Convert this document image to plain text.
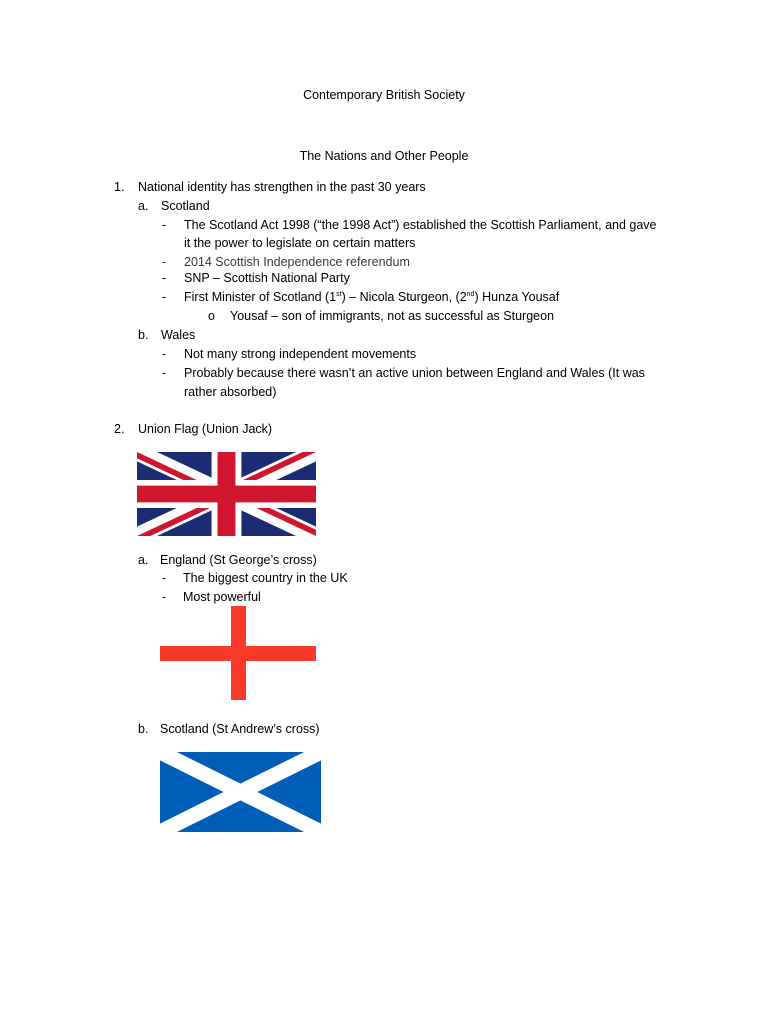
Contemporary British Society
The Nations and Other People
1. National identity has strengthen in the past 30 years
a. Scotland
- The Scotland Act 1998 (“the 1998 Act”) established the Scottish Parliament, and gave
it the power to legislate on certain matters
- 2014 Scottish Independence referendum
- SNP – Scottish National Party
- First Minister of Scotland (1st) – Nicola Sturgeon, (2nd) Hunza Yousaf
o Yousaf – son of immigrants, not as successful as Sturgeon
b. Wales
- Not many strong independent movements
- Probably because there wasn’t an active union between England and Wales (It was
rather absorbed)
2. Union Flag (Union Jack)
a. England (St George’s cross)
- The biggest country in the UK
- Most powerful
b. Scotland (St Andrew’s cross)
